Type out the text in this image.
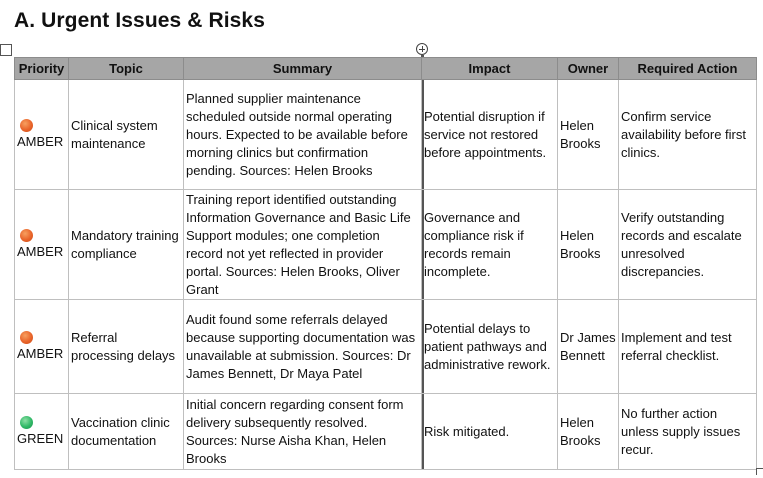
A. Urgent Issues & Risks
Priority	Topic	Summary	Impact	Owner	Required Action

AMBER	Clinical system maintenance	Planned supplier maintenance scheduled outside normal operating hours. Expected to be available before morning clinics but confirmation pending. Sources: Helen Brooks	Potential disruption if service not restored before appointments.	Helen Brooks	Confirm service availability before first clinics.

AMBER	Mandatory training compliance	Training report identified outstanding Information Governance and Basic Life Support modules; one completion record not yet reflected in provider portal. Sources: Helen Brooks, Oliver Grant	Governance and compliance risk if records remain incomplete.	Helen Brooks	Verify outstanding records and escalate unresolved discrepancies.

AMBER	Referral processing delays	Audit found some referrals delayed because supporting documentation was unavailable at submission. Sources: Dr James Bennett, Dr Maya Patel	Potential delays to patient pathways and administrative rework.	Dr James Bennett	Implement and test referral checklist.

GREEN	Vaccination clinic documentation	Initial concern regarding consent form delivery subsequently resolved. Sources: Nurse Aisha Khan, Helen Brooks	Risk mitigated.	Helen Brooks	No further action unless supply issues recur.
